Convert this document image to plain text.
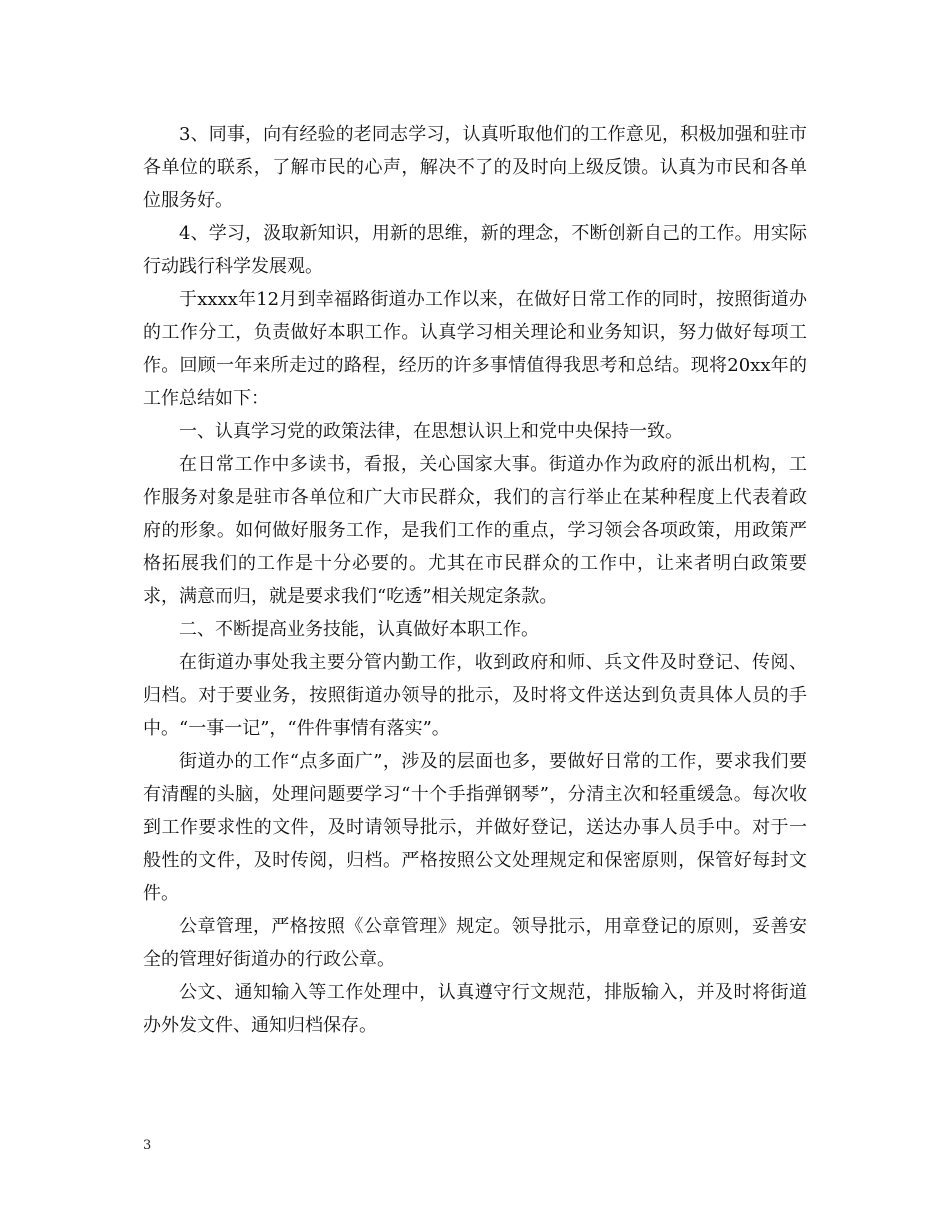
3、同事，向有经验的老同志学习，认真听取他们的工作意见，积极加强和驻市各单位的联系，了解市民的心声，解决不了的及时向上级反馈。认真为市民和各单位服务好。

4、学习，汲取新知识，用新的思维，新的理念，不断创新自己的工作。用实际行动践行科学发展观。

于xxxx年12月到幸福路街道办工作以来，在做好日常工作的同时，按照街道办的工作分工，负责做好本职工作。认真学习相关理论和业务知识，努力做好每项工作。回顾一年来所走过的路程，经历的许多事情值得我思考和总结。现将20xx年的工作总结如下：

一、认真学习党的政策法律，在思想认识上和党中央保持一致。

在日常工作中多读书，看报，关心国家大事。街道办作为政府的派出机构，工作服务对象是驻市各单位和广大市民群众，我们的言行举止在某种程度上代表着政府的形象。如何做好服务工作，是我们工作的重点，学习领会各项政策，用政策严格拓展我们的工作是十分必要的。尤其在市民群众的工作中，让来者明白政策要求，满意而归，就是要求我们“吃透”相关规定条款。

二、不断提高业务技能，认真做好本职工作。

在街道办事处我主要分管内勤工作，收到政府和师、兵文件及时登记、传阅、归档。对于要业务，按照街道办领导的批示，及时将文件送达到负责具体人员的手中。“一事一记”，“件件事情有落实”。

街道办的工作“点多面广”，涉及的层面也多，要做好日常的工作，要求我们要有清醒的头脑，处理问题要学习“十个手指弹钢琴”，分清主次和轻重缓急。每次收到工作要求性的文件，及时请领导批示，并做好登记，送达办事人员手中。对于一般性的文件，及时传阅，归档。严格按照公文处理规定和保密原则，保管好每封文件。

公章管理，严格按照《公章管理》规定。领导批示，用章登记的原则，妥善安全的管理好街道办的行政公章。

公文、通知输入等工作处理中，认真遵守行文规范，排版输入，并及时将街道办外发文件、通知归档保存。

3
